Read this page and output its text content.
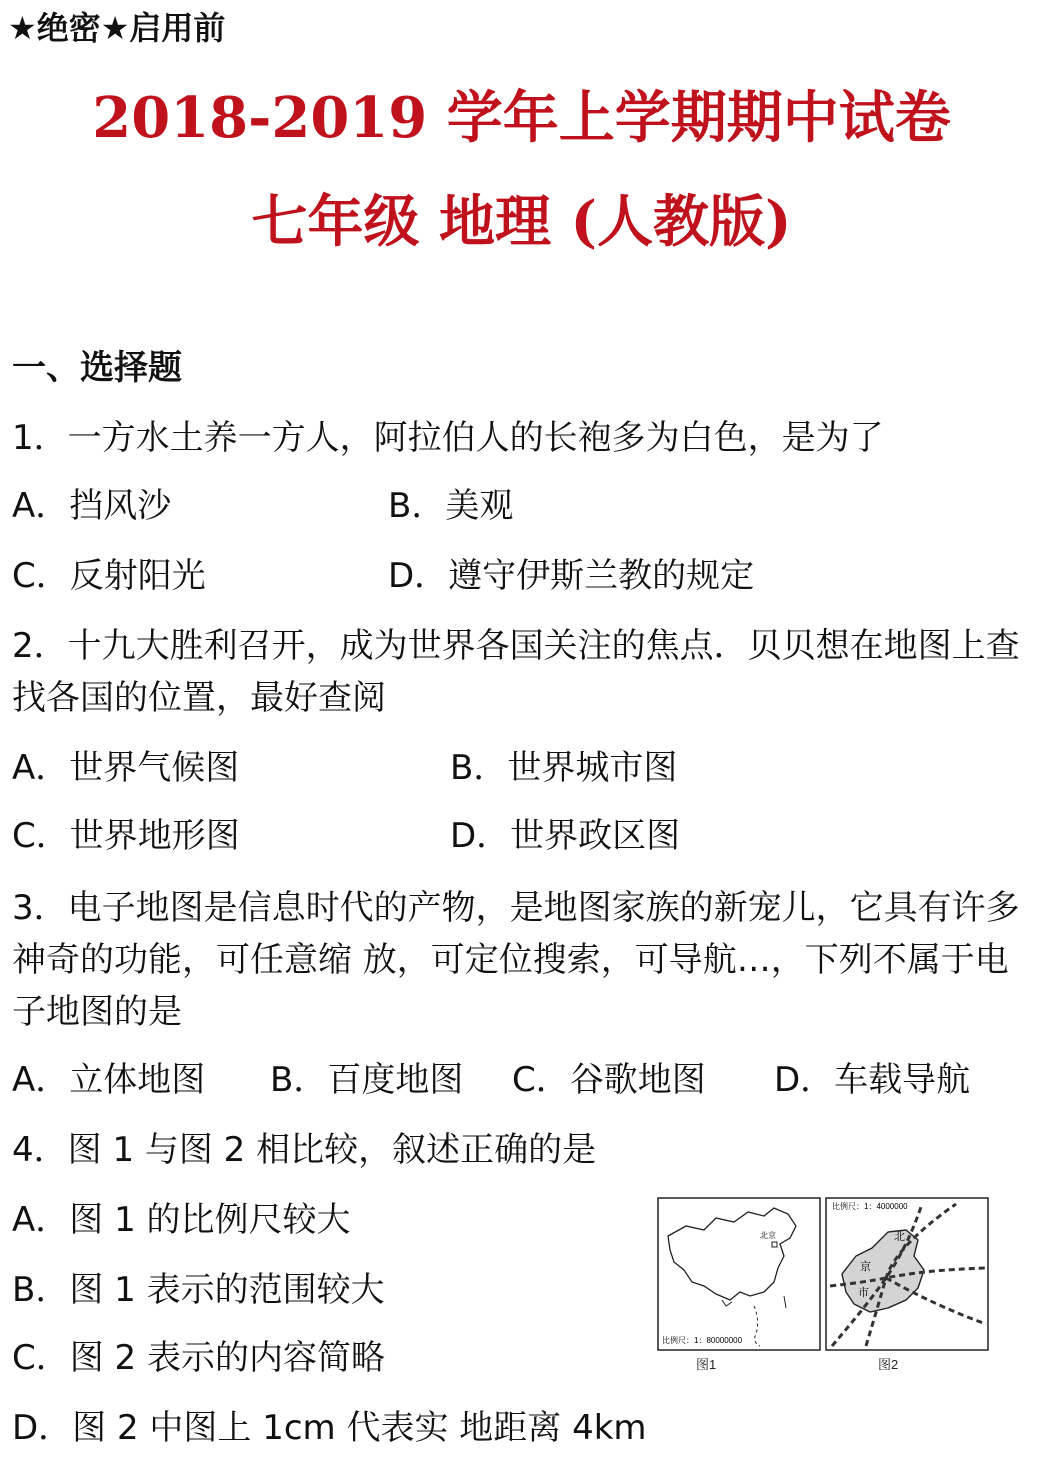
★绝密★启用前
2018-2019 学年上学期期中试卷
七年级 地理 (人教版)
一、选择题
1．一方水土养一方人，阿拉伯人的长袍多为白色，是为了
A．挡风沙	B．美观
C．反射阳光	D．遵守伊斯兰教的规定
2．十九大胜利召开，成为世界各国关注的焦点．贝贝想在地图上查找各国的位置，最好查阅
A．世界气候图	B．世界城市图
C．世界地形图	D．世界政区图
3．电子地图是信息时代的产物，是地图家族的新宠儿，它具有许多神奇的功能，可任意缩 放，可定位搜索，可导航…，下列不属于电子地图的是
A．立体地图 B．百度地图 C．谷歌地图 D．车载导航
4．图 1 与图 2 相比较，叙述正确的是
A．图 1 的比例尺较大
B．图 1 表示的范围较大
C．图 2 表示的内容简略
D．图 2 中图上 1cm 代表实 地距离 4km
北京
比例尺：1：80000000
比例尺：1：4000000
北
京
市
图1	图2
